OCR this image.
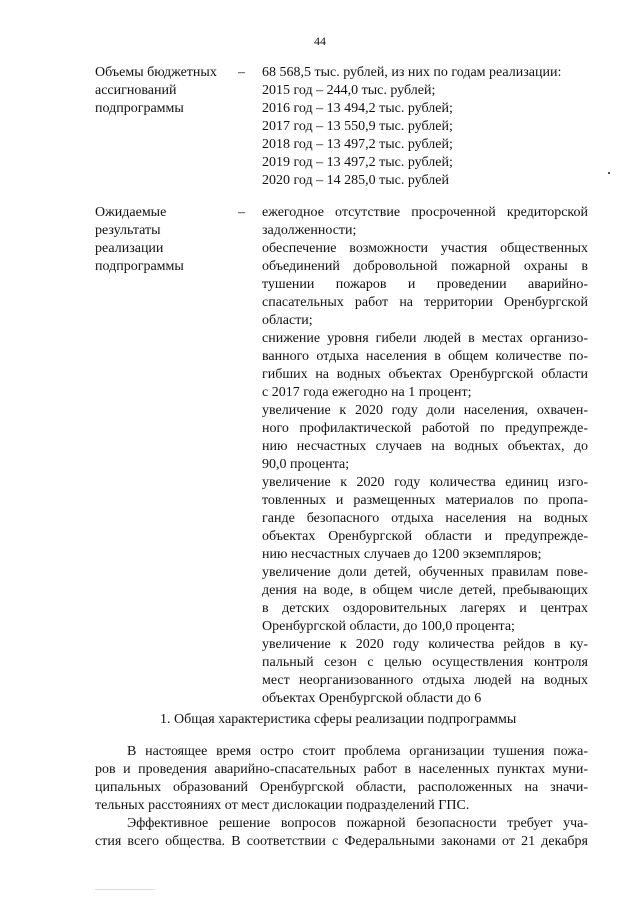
44
Объемы бюджетных
ассигнований
подпрограммы
– 68 568,5 тыс. рублей, из них по годам реализации:
2015 год – 244,0 тыс. рублей;
2016 год – 13 494,2 тыс. рублей;
2017 год – 13 550,9 тыс. рублей;
2018 год – 13 497,2 тыс. рублей;
2019 год – 13 497,2 тыс. рублей;
2020 год – 14 285,0 тыс. рублей
Ожидаемые
результаты
реализации
подпрограммы
– ежегодное отсутствие просроченной кредиторской
задолженности;
обеспечение возможности участия общественных
объединений добровольной пожарной охраны в
тушении пожаров и проведении аварийно-
спасательных работ на территории Оренбургской
области;
снижение уровня гибели людей в местах организо-
ванного отдыха населения в общем количестве по-
гибших на водных объектах Оренбургской области
с 2017 года ежегодно на 1 процент;
увеличение к 2020 году доли населения, охвачен-
ного профилактической работой по предупрежде-
нию несчастных случаев на водных объектах, до
90,0 процента;
увеличение к 2020 году количества единиц изго-
товленных и размещенных материалов по пропа-
ганде безопасного отдыха населения на водных
объектах Оренбургской области и предупрежде-
нию несчастных случаев до 1200 экземпляров;
увеличение доли детей, обученных правилам пове-
дения на воде, в общем числе детей, пребывающих
в детских оздоровительных лагерях и центрах
Оренбургской области, до 100,0 процента;
увеличение к 2020 году количества рейдов в ку-
пальный сезон с целью осуществления контроля
мест неорганизованного отдыха людей на водных
объектах Оренбургской области до 6
1. Общая характеристика сферы реализации подпрограммы
В настоящее время остро стоит проблема организации тушения пожа-
ров и проведения аварийно-спасательных работ в населенных пунктах муни-
ципальных образований Оренбургской области, расположенных на значи-
тельных расстояниях от мест дислокации подразделений ГПС.
Эффективное решение вопросов пожарной безопасности требует уча-
стия всего общества. В соответствии с Федеральными законами от 21 декабря
